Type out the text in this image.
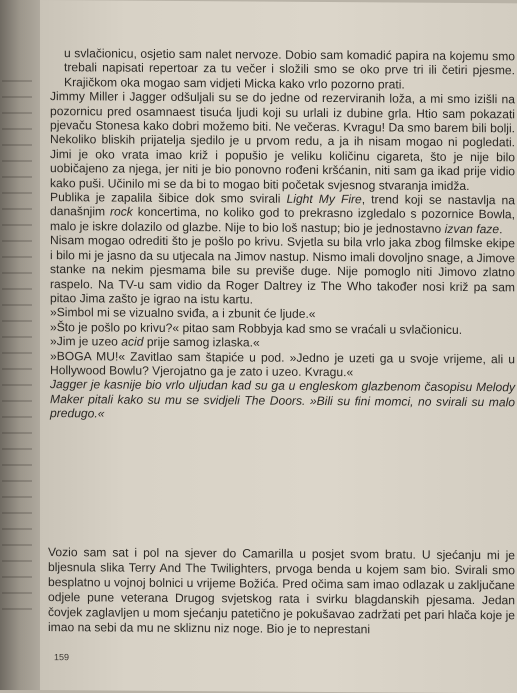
u svlačionicu, osjetio sam nalet nervoze. Dobio sam komadić papira na kojemu smo trebali napisati repertoar za tu večer i složili smo se oko prve tri ili četiri pjesme. Krajičkom oka mogao sam vidjeti Micka kako vrlo pozorno prati.

Jimmy Miller i Jagger odšuljali su se do jedne od rezerviranih loža, a mi smo izišli na pozornicu pred osamnaest tisuća ljudi koji su urlali iz dubine grla. Htio sam pokazati pjevaču Stonesa kako dobri možemo biti. Ne večeras. Kvragu! Da smo barem bili bolji. Nekoliko bliskih prijatelja sjedilo je u prvom redu, a ja ih nisam mogao ni pogledati. Jimi je oko vrata imao križ i popušio je veliku količinu cigareta, što je nije bilo uobičajeno za njega, jer niti je bio ponovno rođeni kršćanin, niti sam ga ikad prije vidio kako puši. Učinilo mi se da bi to mogao biti početak svjesnog stvaranja imidža.

Publika je zapalila šibice dok smo svirali Light My Fire, trend koji se nastavlja na današnjim rock koncertima, no koliko god to prekrasno izgledalo s pozornice Bowla, malo je iskre dolazilo od glazbe. Nije to bio loš nastup; bio je jednostavno izvan faze.

Nisam mogao odrediti što je pošlo po krivu. Svjetla su bila vrlo jaka zbog filmske ekipe i bilo mi je jasno da su utjecala na Jimov nastup. Nismo imali dovoljno snage, a Jimove stanke na nekim pjesmama bile su previše duge. Nije pomoglo niti Jimovo zlatno raspelo. Na TV-u sam vidio da Roger Daltrey iz The Who također nosi križ pa sam pitao Jima zašto je igrao na istu kartu.

»Simbol mi se vizualno sviđa, a i zbunit će ljude.«

»Što je pošlo po krivu?« pitao sam Robbyja kad smo se vraćali u svlačionicu.

»Jim je uzeo acid prije samog izlaska.«

»BOGA MU!« Zavitlao sam štapiće u pod. »Jedno je uzeti ga u svoje vrijeme, ali u Hollywood Bowlu? Vjerojatno ga je zato i uzeo. Kvragu.«

Jagger je kasnije bio vrlo uljudan kad su ga u engleskom glazbenom časopisu Melody Maker pitali kako su mu se svidjeli The Doors. »Bili su fini momci, no svirali su malo predugo.«

Vozio sam sat i pol na sjever do Camarilla u posjet svom bratu. U sjećanju mi je bljesnula slika Terry And The Twilighters, prvoga benda u kojem sam bio. Svirali smo besplatno u vojnoj bolnici u vrijeme Božića. Pred očima sam imao odlazak u zaključane odjele pune veterana Drugog svjetskog rata i svirku blagdanskih pjesama. Jedan čovjek zaglavljen u mom sjećanju patetično je pokušavao zadržati pet pari hlača koje je imao na sebi da mu ne skliznu niz noge. Bio je to neprestani

159
